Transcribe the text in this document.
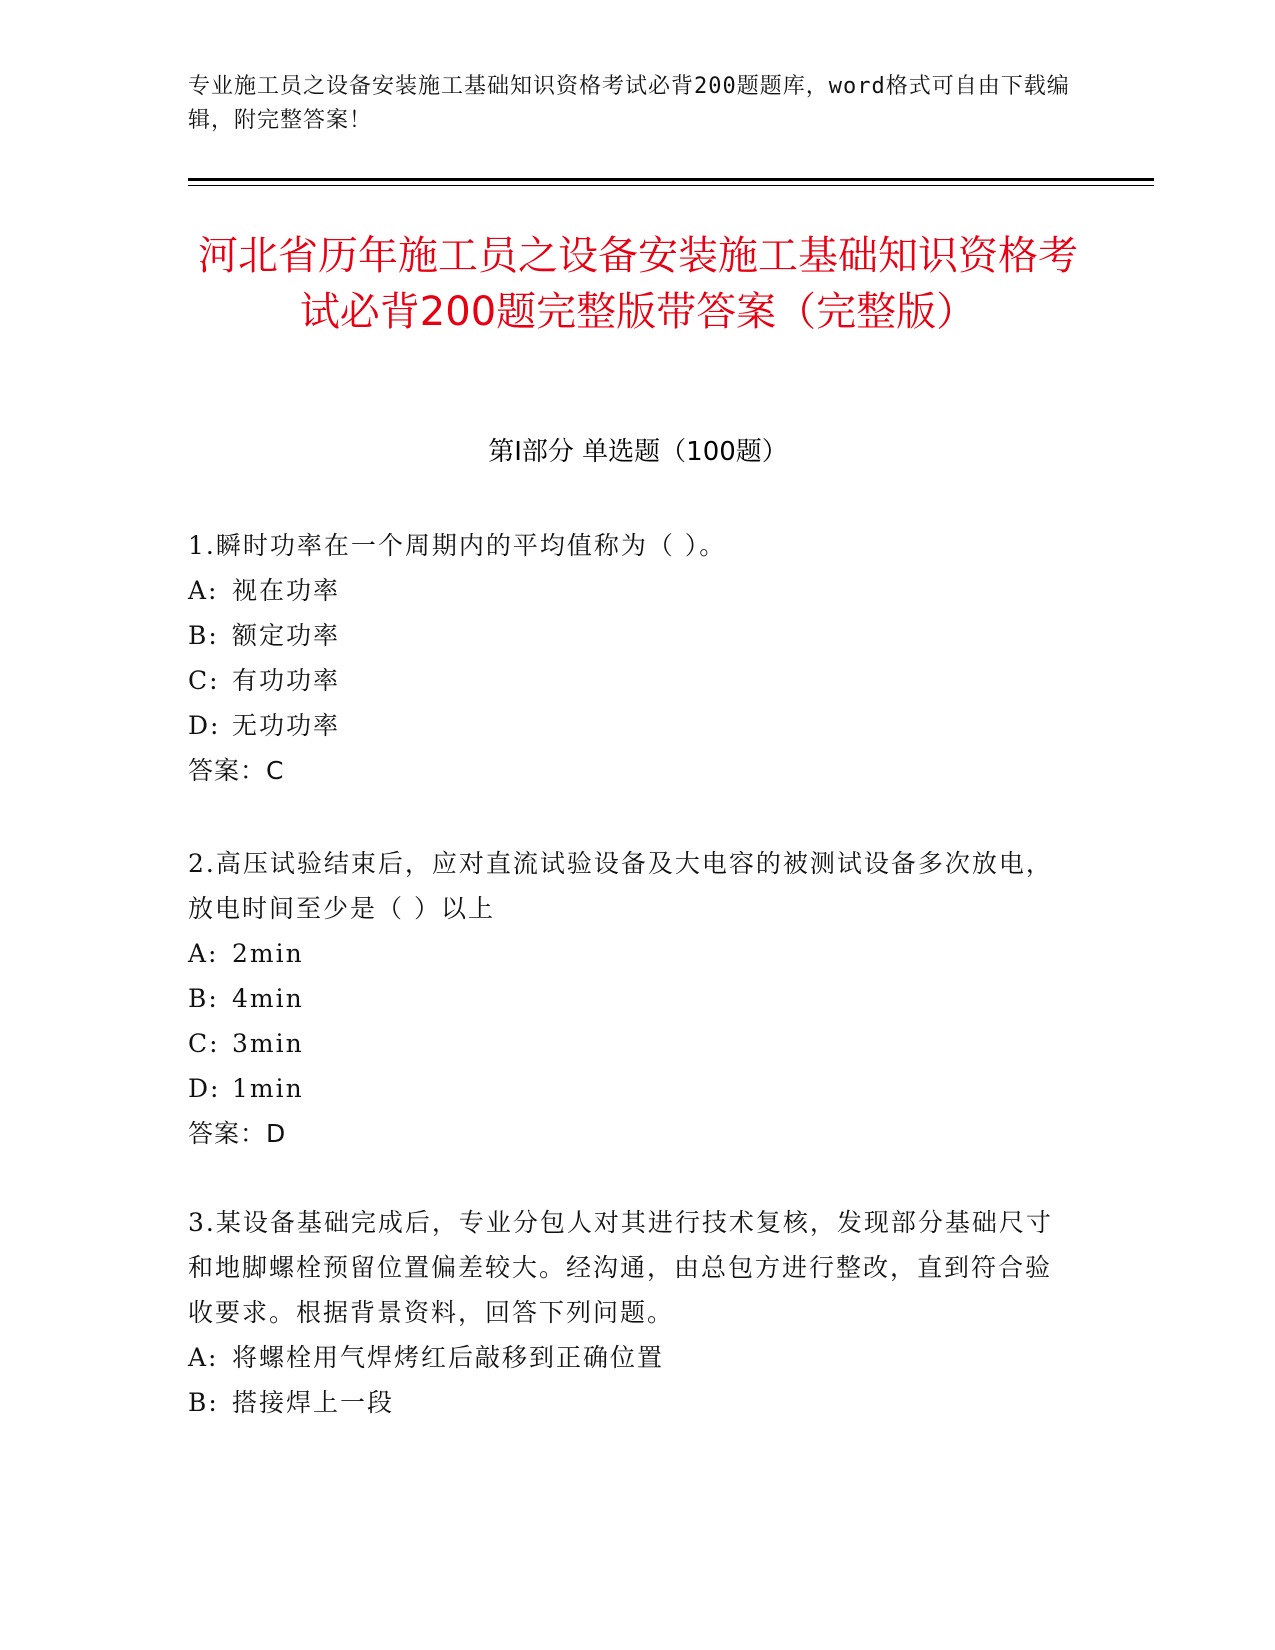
专业施工员之设备安装施工基础知识资格考试必背200题题库，word格式可自由下载编辑，附完整答案！
河北省历年施工员之设备安装施工基础知识资格考试必背200题完整版带答案（完整版）
第I部分 单选题（100题）
1.瞬时功率在一个周期内的平均值称为（ ）。
A: 视在功率
B: 额定功率
C: 有功功率
D: 无功功率
答案：C
2.高压试验结束后，应对直流试验设备及大电容的被测试设备多次放电，放电时间至少是（ ）以上
A: 2min
B: 4min
C: 3min
D: 1min
答案：D
3.某设备基础完成后，专业分包人对其进行技术复核，发现部分基础尺寸和地脚螺栓预留位置偏差较大。经沟通，由总包方进行整改，直到符合验收要求。根据背景资料，回答下列问题。
A: 将螺栓用气焊烤红后敲移到正确位置
B: 搭接焊上一段
